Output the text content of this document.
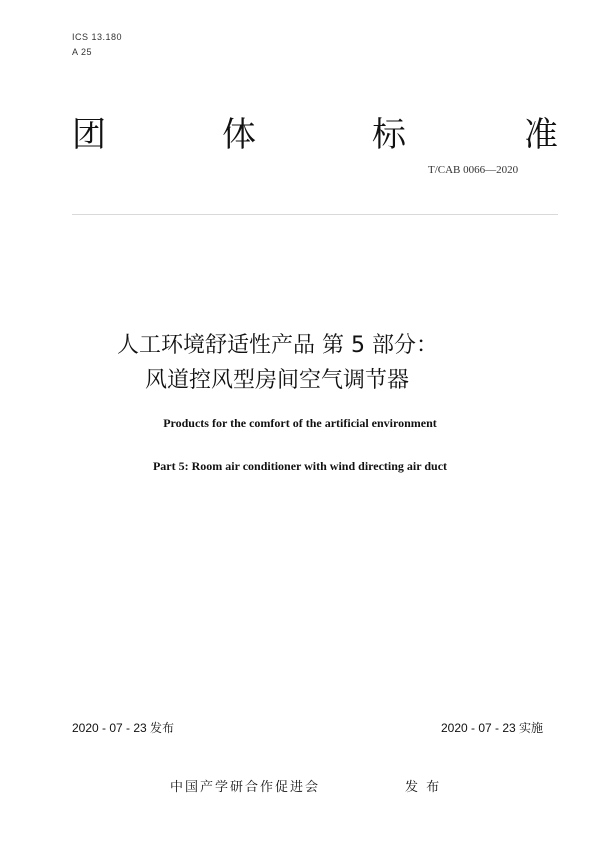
ICS 13.180
A 25
团	体	标	准
T/CAB 0066—2020
人工环境舒适性产品 第 5 部分：
风道控风型房间空气调节器
Products for the comfort of the artificial environment
Part 5: Room air conditioner with wind directing air duct
2020 - 07 - 23 发布	2020 - 07 - 23 实施
中国产学研合作促进会	发 布
